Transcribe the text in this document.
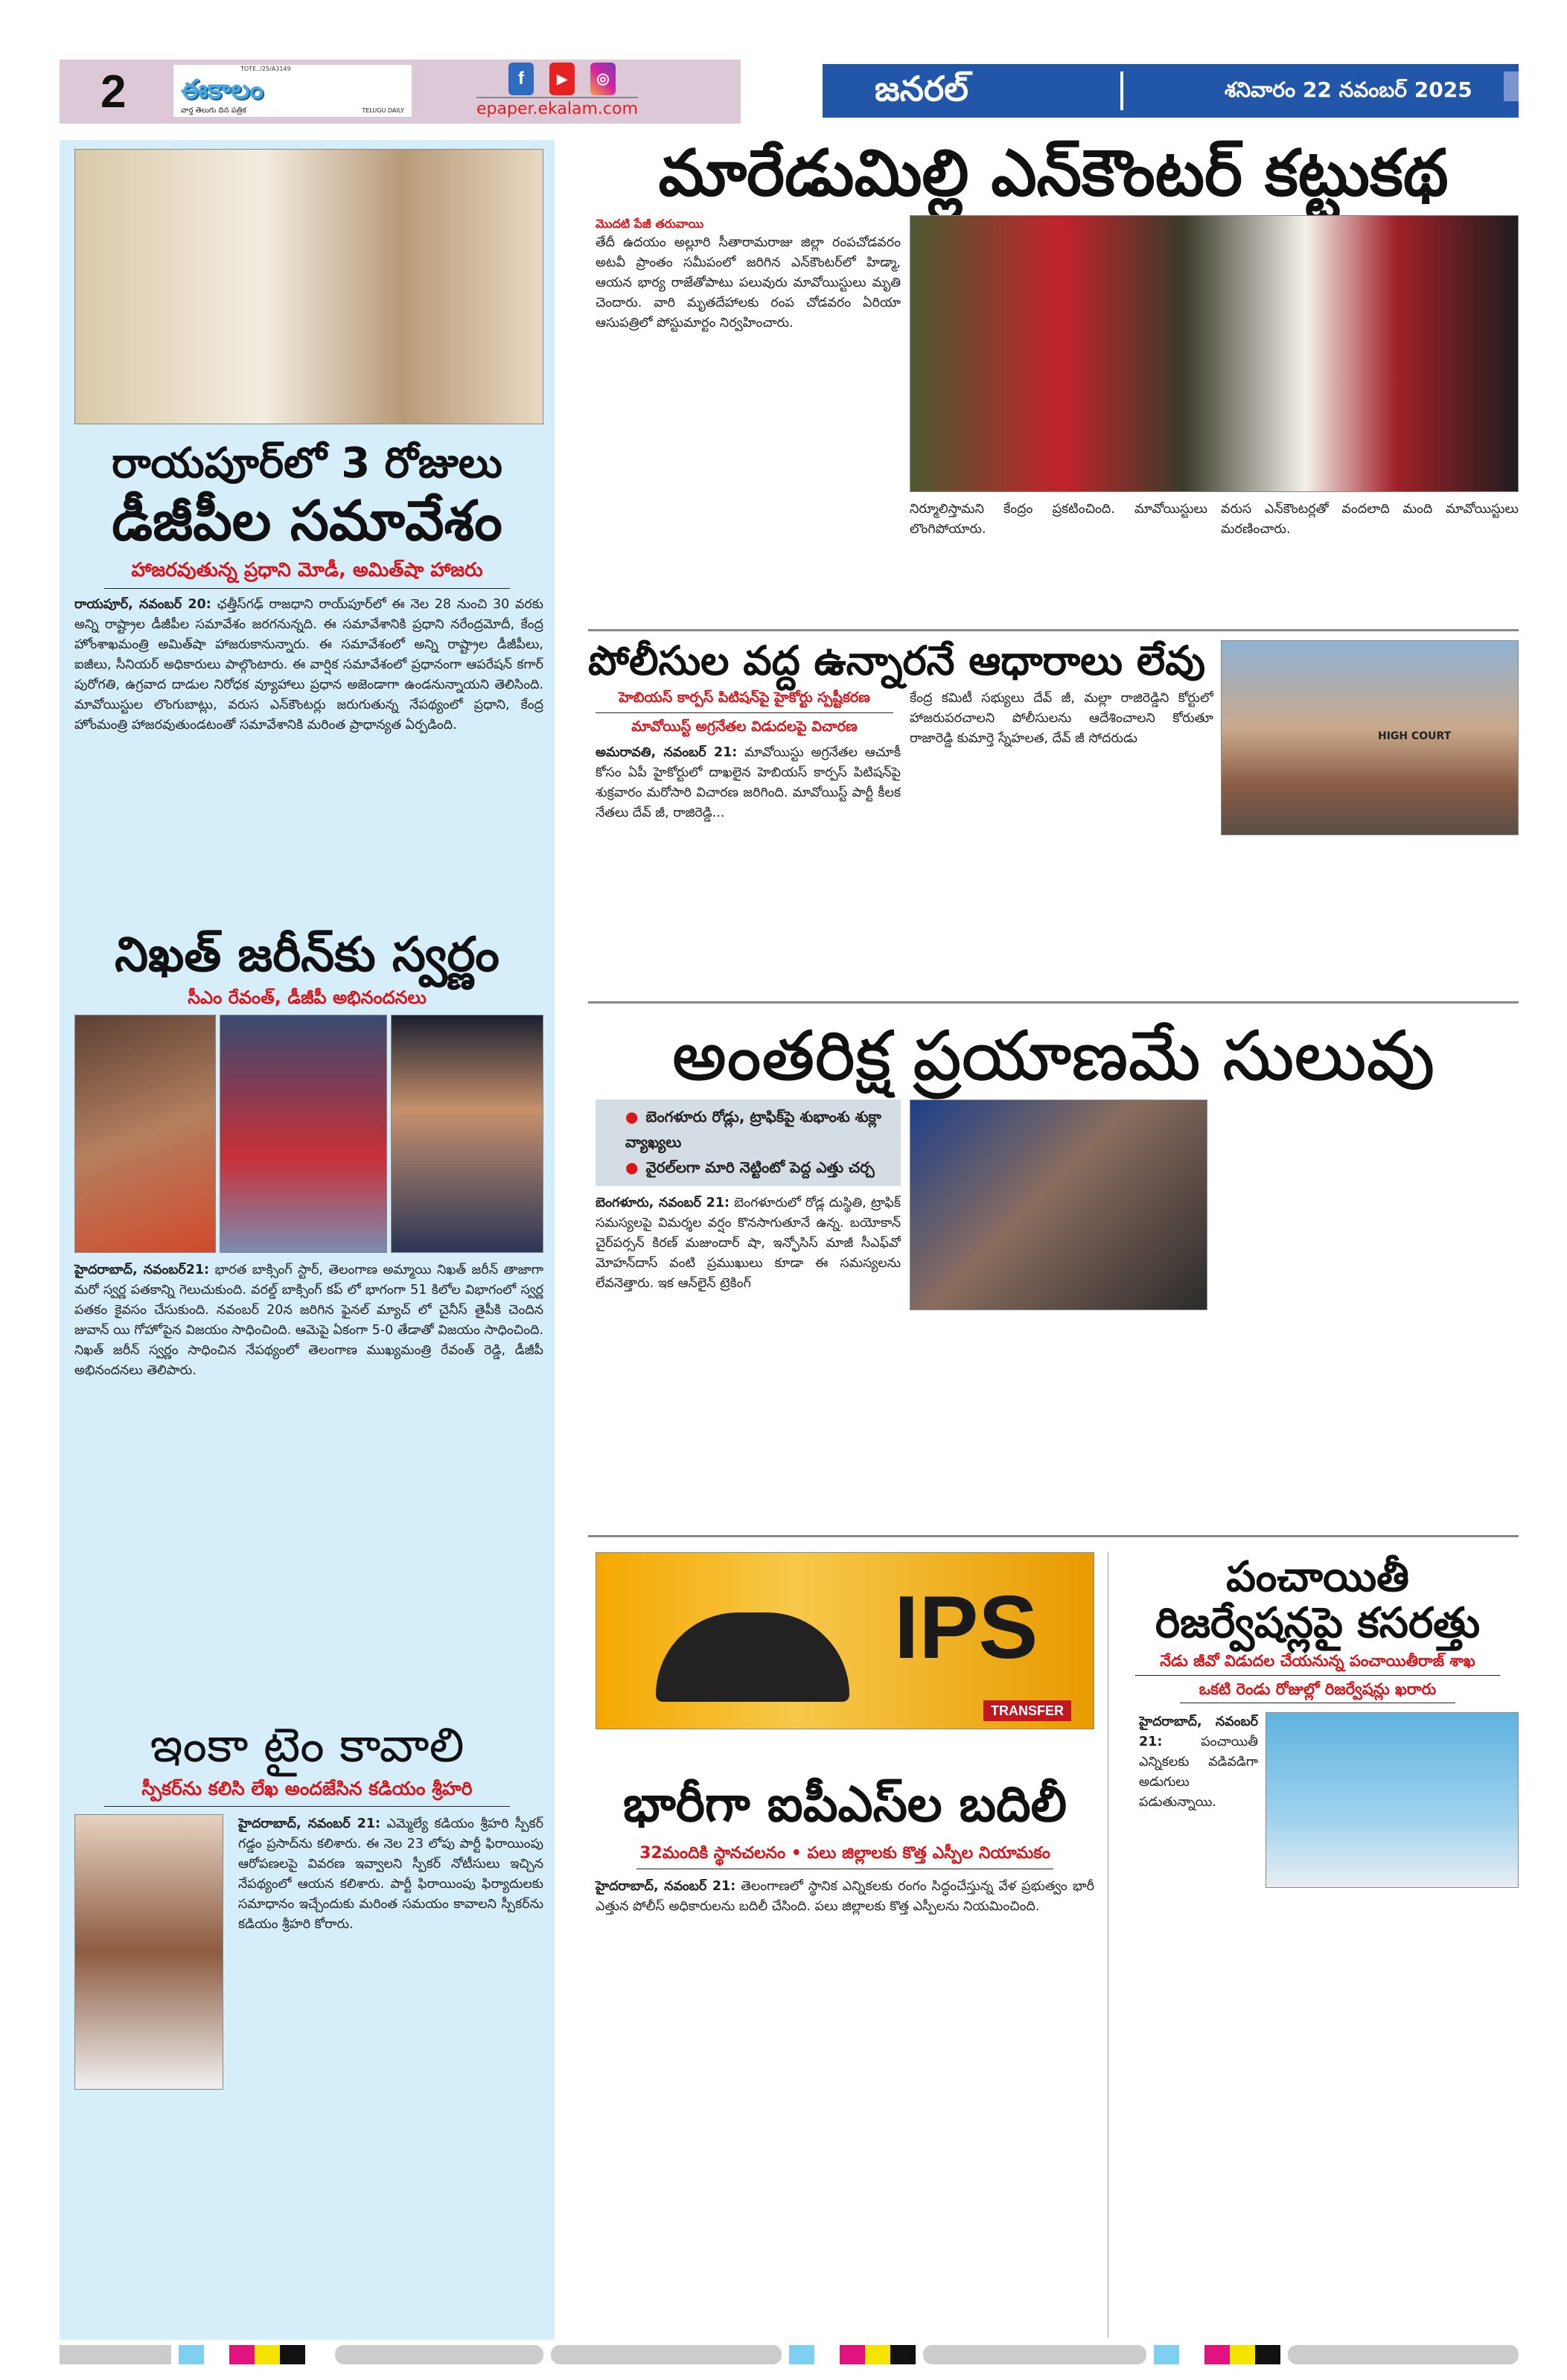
2	TOTE../25/A3149
ఈకాలం
వార్త తెలుగు దిన పత్రిక	TELUGU DAILY
f	▶	◎
epaper.ekalam.com
జనరల్	శనివారం 22 నవంబర్ 2025
రాయపూర్‌లో 3 రోజులు
డీజీపీల సమావేశం
హాజరవుతున్న ప్రధాని మోడీ, అమిత్‌షా హాజరు
రాయపూర్, నవంబర్ 20: ఛత్తీస్‌గఢ్ రాజధాని రాయ్‌పూర్‌లో ఈ నెల 28 నుంచి 30 వరకు అన్ని రాష్ట్రాల డీజీపీల సమావేశం జరగనున్నది. ఈ సమావేశానికి ప్రధాని నరేంద్రమోదీ, కేంద్ర హోంశాఖమంత్రి అమిత్‌షా హాజరుకానున్నారు. ఈ సమావేశంలో అన్ని రాష్ట్రాల డీజీపీలు, ఐజీలు, సీనియర్ అధికారులు పాల్గొంటారు. ఈ వార్షిక సమావేశంలో ప్రధానంగా ఆపరేషన్ కగార్ పురోగతి, ఉగ్రవాద దాడుల నిరోధక వ్యూహాలు ప్రధాన అజెండాగా ఉండనున్నాయని తెలిసింది. మావోయిస్టుల లొంగుబాట్లు, వరుస ఎన్‌కౌంటర్లు జరుగుతున్న నేపథ్యంలో ప్రధాని, కేంద్ర హోంమంత్రి హాజరవుతుండటంతో సమావేశానికి మరింత ప్రాధాన్యత ఏర్పడింది.
నిఖత్ జరీన్‌కు స్వర్ణం
సీఎం రేవంత్, డీజీపీ అభినందనలు
హైదరాబాద్, నవంబర్21: భారత బాక్సింగ్ స్టార్, తెలంగాణ అమ్మాయి నిఖత్ జరీన్ తాజాగా మరో స్వర్ణ పతకాన్ని గెలుచుకుంది. వరల్డ్ బాక్సింగ్ కప్ లో భాగంగా 51 కిలోల విభాగంలో స్వర్ణ పతకం కైవసం చేసుకుంది. నవంబర్ 20న జరిగిన ఫైనల్ మ్యాచ్ లో చైనీస్ తైపీకి చెందిన జువాన్ యి గోహోపైన విజయం సాధించింది. ఆమెపై ఏకంగా 5-0 తేడాతో విజయం సాధించింది. నిఖత్ జరీన్ స్వర్ణం సాధించిన నేపథ్యంలో తెలంగాణ ముఖ్యమంత్రి రేవంత్ రెడ్డి, డీజీపీ అభినందనలు తెలిపారు.
ఇంకా టైం కావాలి
స్పీకర్‌ను కలిసి లేఖ అందజేసిన కడియం శ్రీహరి
హైదరాబాద్, నవంబర్ 21: ఎమ్మెల్యే కడియం శ్రీహరి స్పీకర్ గడ్డం ప్రసాద్‌ను కలిశారు. ఈ నెల 23 లోపు పార్టీ ఫిరాయింపు ఆరోపణలపై వివరణ ఇవ్వాలని స్పీకర్ నోటీసులు ఇచ్చిన నేపథ్యంలో ఆయన కలిశారు. పార్టీ ఫిరాయింపు ఫిర్యాదులకు సమాధానం ఇచ్చేందుకు మరింత సమయం కావాలని స్పీకర్‌ను కడియం శ్రీహరి కోరారు.
మారేడుమిల్లి ఎన్‌కౌంటర్ కట్టుకథ
మొదటి పేజీ తరువాయి
తేదీ ఉదయం అల్లూరి సీతారామరాజు జిల్లా రంపచోడవరం అటవీ ప్రాంతం సమీపంలో జరిగిన ఎన్‌కౌంటర్‌లో హిడ్మా, ఆయన భార్య రాజేతోపాటు పలువురు మావోయిస్టులు మృతి చెందారు. వారి మృతదేహాలకు రంప చోడవరం ఏరియా ఆసుపత్రిలో పోస్టుమార్టం నిర్వహించారు.
నిర్మూలిస్తామని కేంద్రం ప్రకటించింది. మావోయిస్టులు లొంగిపోయారు.
వరుస ఎన్‌కౌంటర్లతో వందలాది మంది మావోయిస్టులు మరణించారు.
పోలీసుల వద్ద ఉన్నారనే ఆధారాలు లేవు
హెబియస్ కార్పస్ పిటిషన్‌పై హైకోర్టు స్పష్టీకరణ
మావోయిస్ట్ అగ్రనేతల విడుదలపై విచారణ
అమరావతి, నవంబర్ 21: మావోయిస్టు అగ్రనేతల ఆచూకీ కోసం ఏపీ హైకోర్టులో దాఖలైన హెబియస్ కార్పస్ పిటిషన్‌పై శుక్రవారం మరోసారి విచారణ జరిగింది. మావోయిస్ట్ పార్టీ కీలక నేతలు దేవ్ జీ, రాజిరెడ్డి...
కేంద్ర కమిటీ సభ్యులు దేవ్ జీ, మల్లా రాజిరెడ్డిని కోర్టులో హాజరుపరచాలని పోలీసులను ఆదేశించాలని కోరుతూ రాజారెడ్డి కుమార్తె స్నేహలత, దేవ్ జీ సోదరుడు	HIGH COURT
అంతరిక్ష ప్రయాణమే సులువు
● బెంగళూరు రోడ్లు, ట్రాఫిక్‌పై శుభాంశు శుక్లా వ్యాఖ్యలు
● వైరల్‌లగా మారి నెట్టింటో పెద్ద ఎత్తు చర్చ
బెంగళూరు, నవంబర్ 21: బెంగళూరులో రోడ్ల దుస్థితి, ట్రాఫిక్ సమస్యలపై విమర్శల వర్షం కొనసాగుతూనే ఉన్న. బయోకాన్ చైర్‌పర్సన్ కిరణ్ మజుందార్ షా, ఇన్ఫోసిస్ మాజీ సీఎఫ్‌వో మోహన్‌దాస్ వంటి ప్రముఖులు కూడా ఈ సమస్యలను లేవనెత్తారు. ఇక ఆన్‌లైన్ ట్రెకింగ్
IPS
TRANSFER
భారీగా ఐపీఎస్‌ల బదిలీ
32మందికి స్థానచలనం • పలు జిల్లాలకు కొత్త ఎస్పీల నియామకం
హైదరాబాద్, నవంబర్ 21: తెలంగాణలో స్థానిక ఎన్నికలకు రంగం సిద్ధంచేస్తున్న వేళ ప్రభుత్వం భారీ ఎత్తున పోలీస్ అధికారులను బదిలీ చేసింది. పలు జిల్లాలకు కొత్త ఎస్పీలను నియమించింది.
పంచాయితీ
రిజర్వేషన్లపై కసరత్తు
నేడు జీవో విడుదల చేయనున్న పంచాయితీరాజ్ శాఖ
ఒకటి రెండు రోజుల్లో రిజర్వేషన్లు ఖరారు
హైదరాబాద్, నవంబర్ 21:	పంచాయితీ ఎన్నికలకు వడివడిగా అడుగులు పడుతున్నాయి.
